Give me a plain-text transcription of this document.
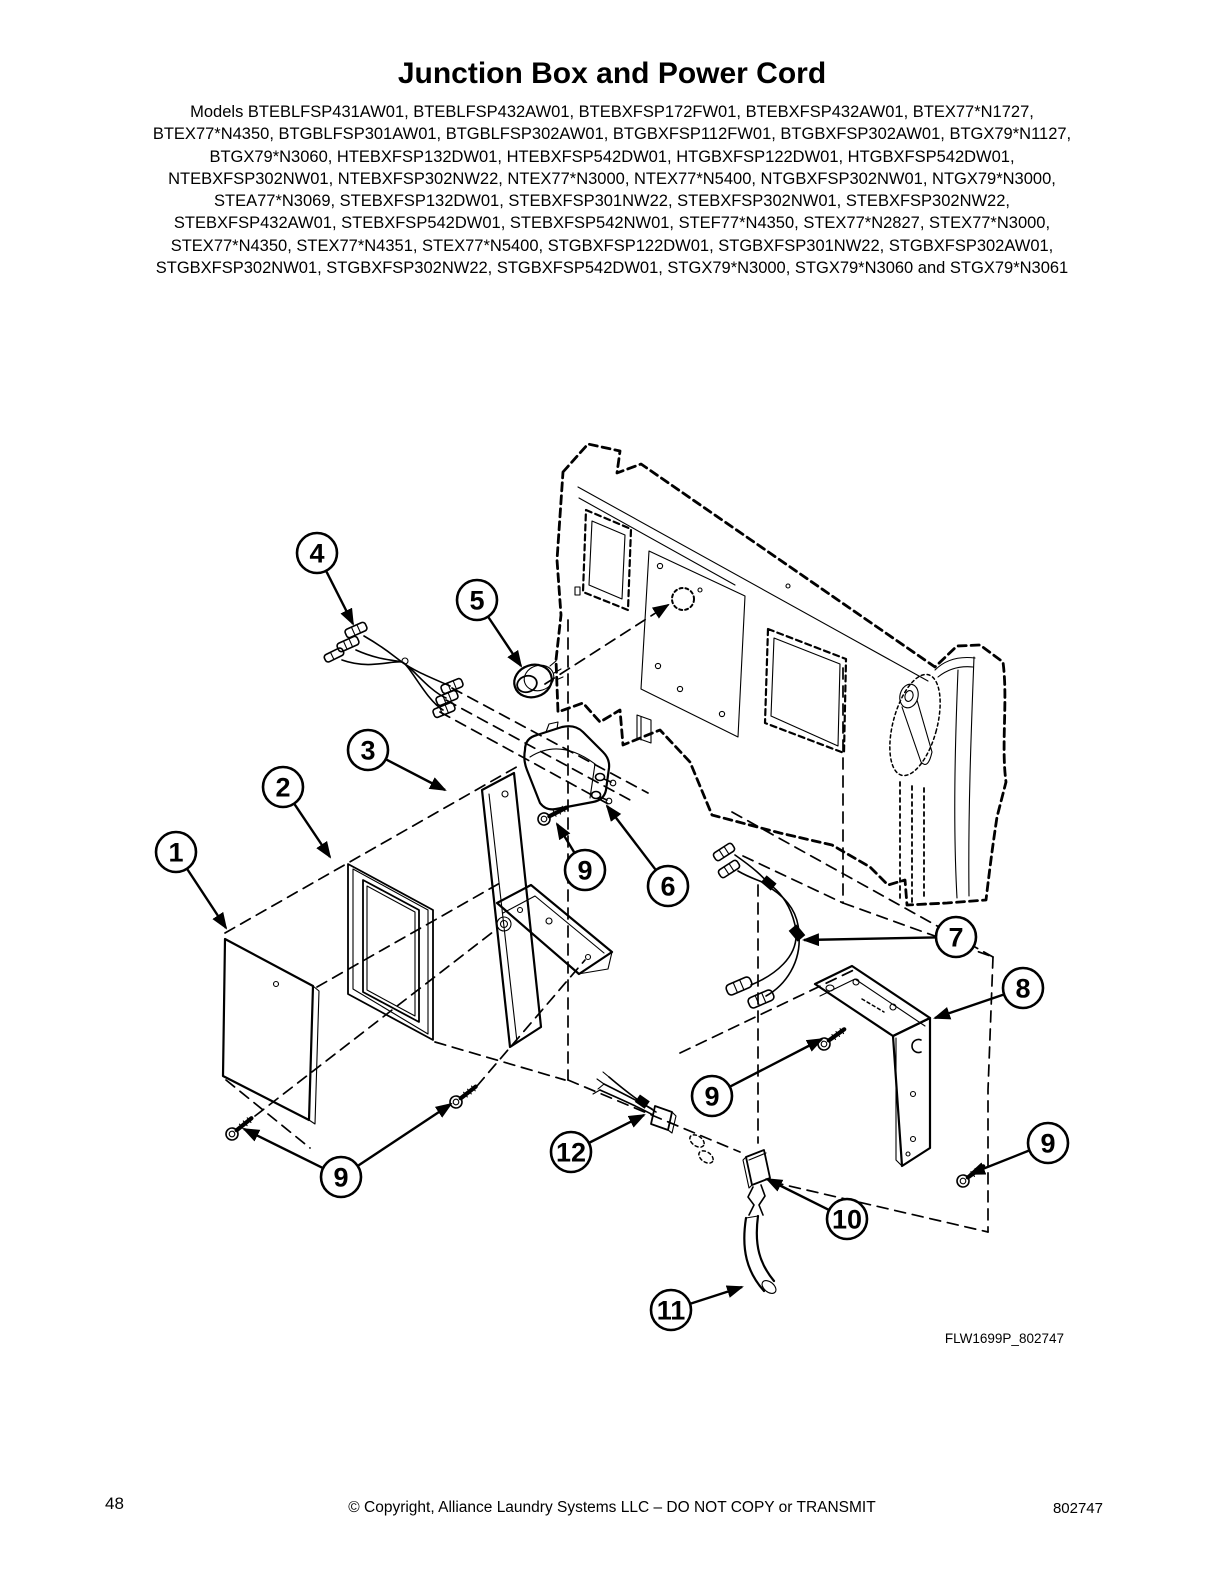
Junction Box and Power Cord
Models BTEBLFSP431AW01, BTEBLFSP432AW01, BTEBXFSP172FW01, BTEBXFSP432AW01, BTEX77*N1727,
BTEX77*N4350, BTGBLFSP301AW01, BTGBLFSP302AW01, BTGBXFSP112FW01, BTGBXFSP302AW01, BTGX79*N1127,
BTGX79*N3060, HTEBXFSP132DW01, HTEBXFSP542DW01, HTGBXFSP122DW01, HTGBXFSP542DW01,
NTEBXFSP302NW01, NTEBXFSP302NW22, NTEX77*N3000, NTEX77*N5400, NTGBXFSP302NW01, NTGX79*N3000,
STEA77*N3069, STEBXFSP132DW01, STEBXFSP301NW22, STEBXFSP302NW01, STEBXFSP302NW22,
STEBXFSP432AW01, STEBXFSP542DW01, STEBXFSP542NW01, STEF77*N4350, STEX77*N2827, STEX77*N3000,
STEX77*N4350, STEX77*N4351, STEX77*N5400, STGBXFSP122DW01, STGBXFSP301NW22, STGBXFSP302AW01,
STGBXFSP302NW01, STGBXFSP302NW22, STGBXFSP542DW01, STGX79*N3000, STGX79*N3060 and STGX79*N3061
1
2
3
4
5
6
7
8
9
9
9
9
10
11
12
FLW1699P_802747
48	© Copyright, Alliance Laundry Systems LLC – DO NOT COPY or TRANSMIT	802747
